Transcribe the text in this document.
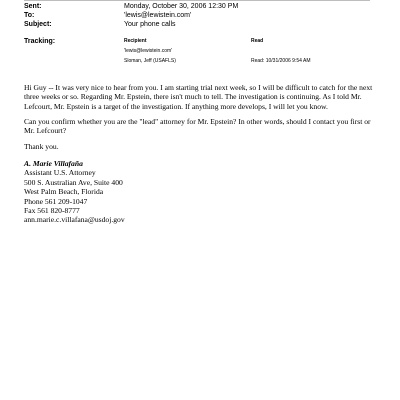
Sent:	Monday, October 30, 2006 12:30 PM
To:	'lewis@lewistein.com'
Subject:	Your phone calls
Tracking:	Recipient	Read
'lewis@lewistein.com'
Sloman, Jeff (USAFLS)	Read: 10/31/2006 9:54 AM
Hi Guy -- It was very nice to hear from you. I am starting trial next week, so I will be difficult to catch for the next three weeks or so. Regarding Mr. Epstein, there isn't much to tell. The investigation is continuing. As I told Mr. Lefcourt, Mr. Epstein is a target of the investigation. If anything more develops, I will let you know.
Can you confirm whether you are the "lead" attorney for Mr. Epstein? In other words, should I contact you first or Mr. Lefcourt?
Thank you.
A. Marie Villafaña
Assistant U.S. Attorney
500 S. Australian Ave, Suite 400
West Palm Beach, Florida
Phone 561 209-1047
Fax 561 820-8777
ann.marie.c.villafana@usdoj.gov
